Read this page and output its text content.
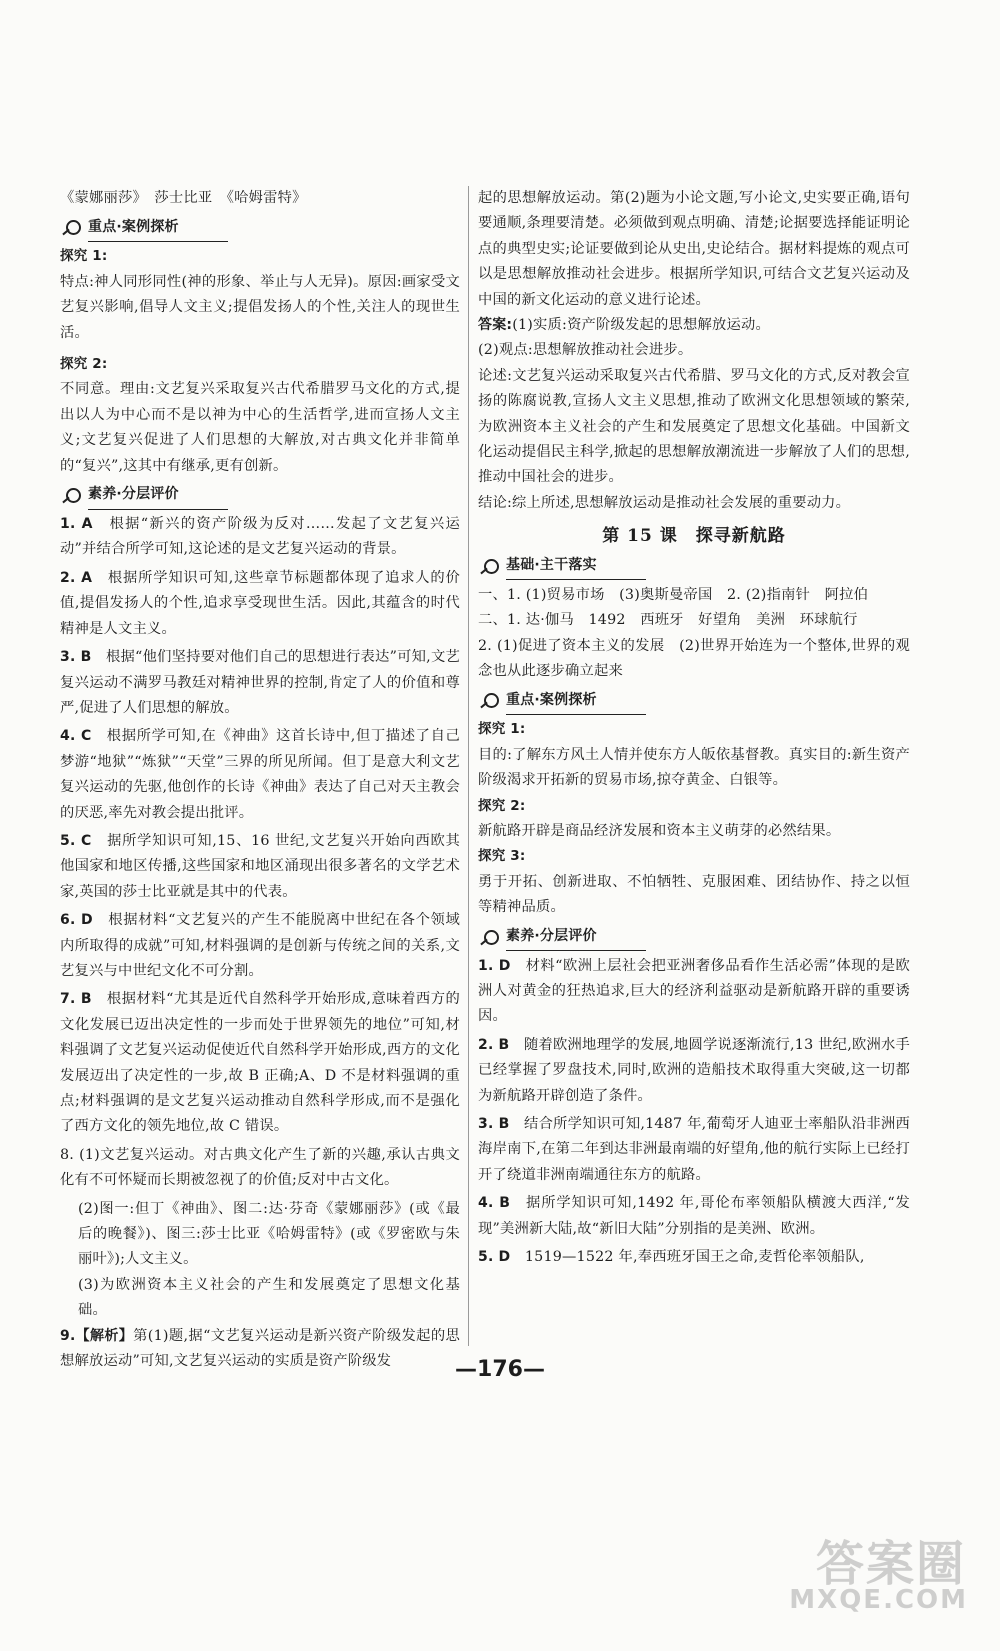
《蒙娜丽莎》　莎士比亚　《哈姆雷特》

重点·案例探析

探究 1:

特点:神人同形同性(神的形象、举止与人无异)。原因:画家受文艺复兴影响,倡导人文主义;提倡发扬人的个性,关注人的现世生活。

探究 2:

不同意。理由:文艺复兴采取复兴古代希腊罗马文化的方式,提出以人为中心而不是以神为中心的生活哲学,进而宣扬人文主义;文艺复兴促进了人们思想的大解放,对古典文化并非简单的“复兴”,这其中有继承,更有创新。

素养·分层评价

1. A　 根据“新兴的资产阶级为反对……发起了文艺复兴运动”并结合所学可知,这论述的是文艺复兴运动的背景。

2. A　 根据所学知识可知,这些章节标题都体现了追求人的价值,提倡发扬人的个性,追求享受现世生活。因此,其蕴含的时代精神是人文主义。

3. B　 根据“他们坚持要对他们自己的思想进行表达”可知,文艺复兴运动不满罗马教廷对精神世界的控制,肯定了人的价值和尊严,促进了人们思想的解放。

4. C　 根据所学可知,在《神曲》这首长诗中,但丁描述了自己梦游“地狱”“炼狱”“天堂”三界的所见所闻。但丁是意大利文艺复兴运动的先驱,他创作的长诗《神曲》表达了自己对天主教会的厌恶,率先对教会提出批评。

5. C　 据所学知识可知,15、16 世纪,文艺复兴开始向西欧其他国家和地区传播,这些国家和地区涌现出很多著名的文学艺术家,英国的莎士比亚就是其中的代表。

6. D　 根据材料“文艺复兴的产生不能脱离中世纪在各个领域内所取得的成就”可知,材料强调的是创新与传统之间的关系,文艺复兴与中世纪文化不可分割。

7. B　 根据材料“尤其是近代自然科学开始形成,意味着西方的文化发展已迈出决定性的一步而处于世界领先的地位”可知,材料强调了文艺复兴运动促使近代自然科学开始形成,西方的文化发展迈出了决定性的一步,故 B 正确;A、D 不是材料强调的重点;材料强调的是文艺复兴运动推动自然科学形成,而不是强化了西方文化的领先地位,故 C 错误。

8. (1)文艺复兴运动。对古典文化产生了新的兴趣,承认古典文化有不可怀疑而长期被忽视了的价值;反对中古文化。

(2)图一:但丁《神曲》、图二:达·芬奇《蒙娜丽莎》(或《最后的晚餐》)、图三:莎士比亚《哈姆雷特》(或《罗密欧与朱丽叶》);人文主义。

(3)为欧洲资本主义社会的产生和发展奠定了思想文化基础。

9.【解析】第(1)题,据“文艺复兴运动是新兴资产阶级发起的思想解放运动”可知,文艺复兴运动的实质是资产阶级发

起的思想解放运动。第(2)题为小论文题,写小论文,史实要正确,语句要通顺,条理要清楚。必须做到观点明确、清楚;论据要选择能证明论点的典型史实;论证要做到论从史出,史论结合。据材料提炼的观点可以是思想解放推动社会进步。根据所学知识,可结合文艺复兴运动及中国的新文化运动的意义进行论述。

答案:(1)实质:资产阶级发起的思想解放运动。

(2)观点:思想解放推动社会进步。

论述:文艺复兴运动采取复兴古代希腊、罗马文化的方式,反对教会宣扬的陈腐说教,宣扬人文主义思想,推动了欧洲文化思想领域的繁荣,为欧洲资本主义社会的产生和发展奠定了思想文化基础。中国新文化运动提倡民主科学,掀起的思想解放潮流进一步解放了人们的思想,推动中国社会的进步。

结论:综上所述,思想解放运动是推动社会发展的重要动力。

第 15 课　探寻新航路
基础·主干落实

一、1. (1)贸易市场　(3)奥斯曼帝国　2. (2)指南针　阿拉伯

二、1. 达·伽马　1492　西班牙　好望角　美洲　环球航行

2. (1)促进了资本主义的发展　(2)世界开始连为一个整体,世界的观念也从此逐步确立起来

重点·案例探析

探究 1:

目的:了解东方风土人情并使东方人皈依基督教。真实目的:新生资产阶级渴求开拓新的贸易市场,掠夺黄金、白银等。

探究 2:

新航路开辟是商品经济发展和资本主义萌芽的必然结果。

探究 3:

勇于开拓、创新进取、不怕牺牲、克服困难、团结协作、持之以恒等精神品质。

素养·分层评价

1. D　 材料“欧洲上层社会把亚洲奢侈品看作生活必需”体现的是欧洲人对黄金的狂热追求,巨大的经济利益驱动是新航路开辟的重要诱因。

2. B　 随着欧洲地理学的发展,地圆学说逐渐流行,13 世纪,欧洲水手已经掌握了罗盘技术,同时,欧洲的造船技术取得重大突破,这一切都为新航路开辟创造了条件。

3. B　 结合所学知识可知,1487 年,葡萄牙人迪亚士率船队沿非洲西海岸南下,在第二年到达非洲最南端的好望角,他的航行实际上已经打开了绕道非洲南端通往东方的航路。

4. B　 据所学知识可知,1492 年,哥伦布率领船队横渡大西洋,“发现”美洲新大陆,故“新旧大陆”分别指的是美洲、欧洲。

5. D　 1519—1522 年,奉西班牙国王之命,麦哲伦率领船队,

—176—
答案圈
MXQE.COM
